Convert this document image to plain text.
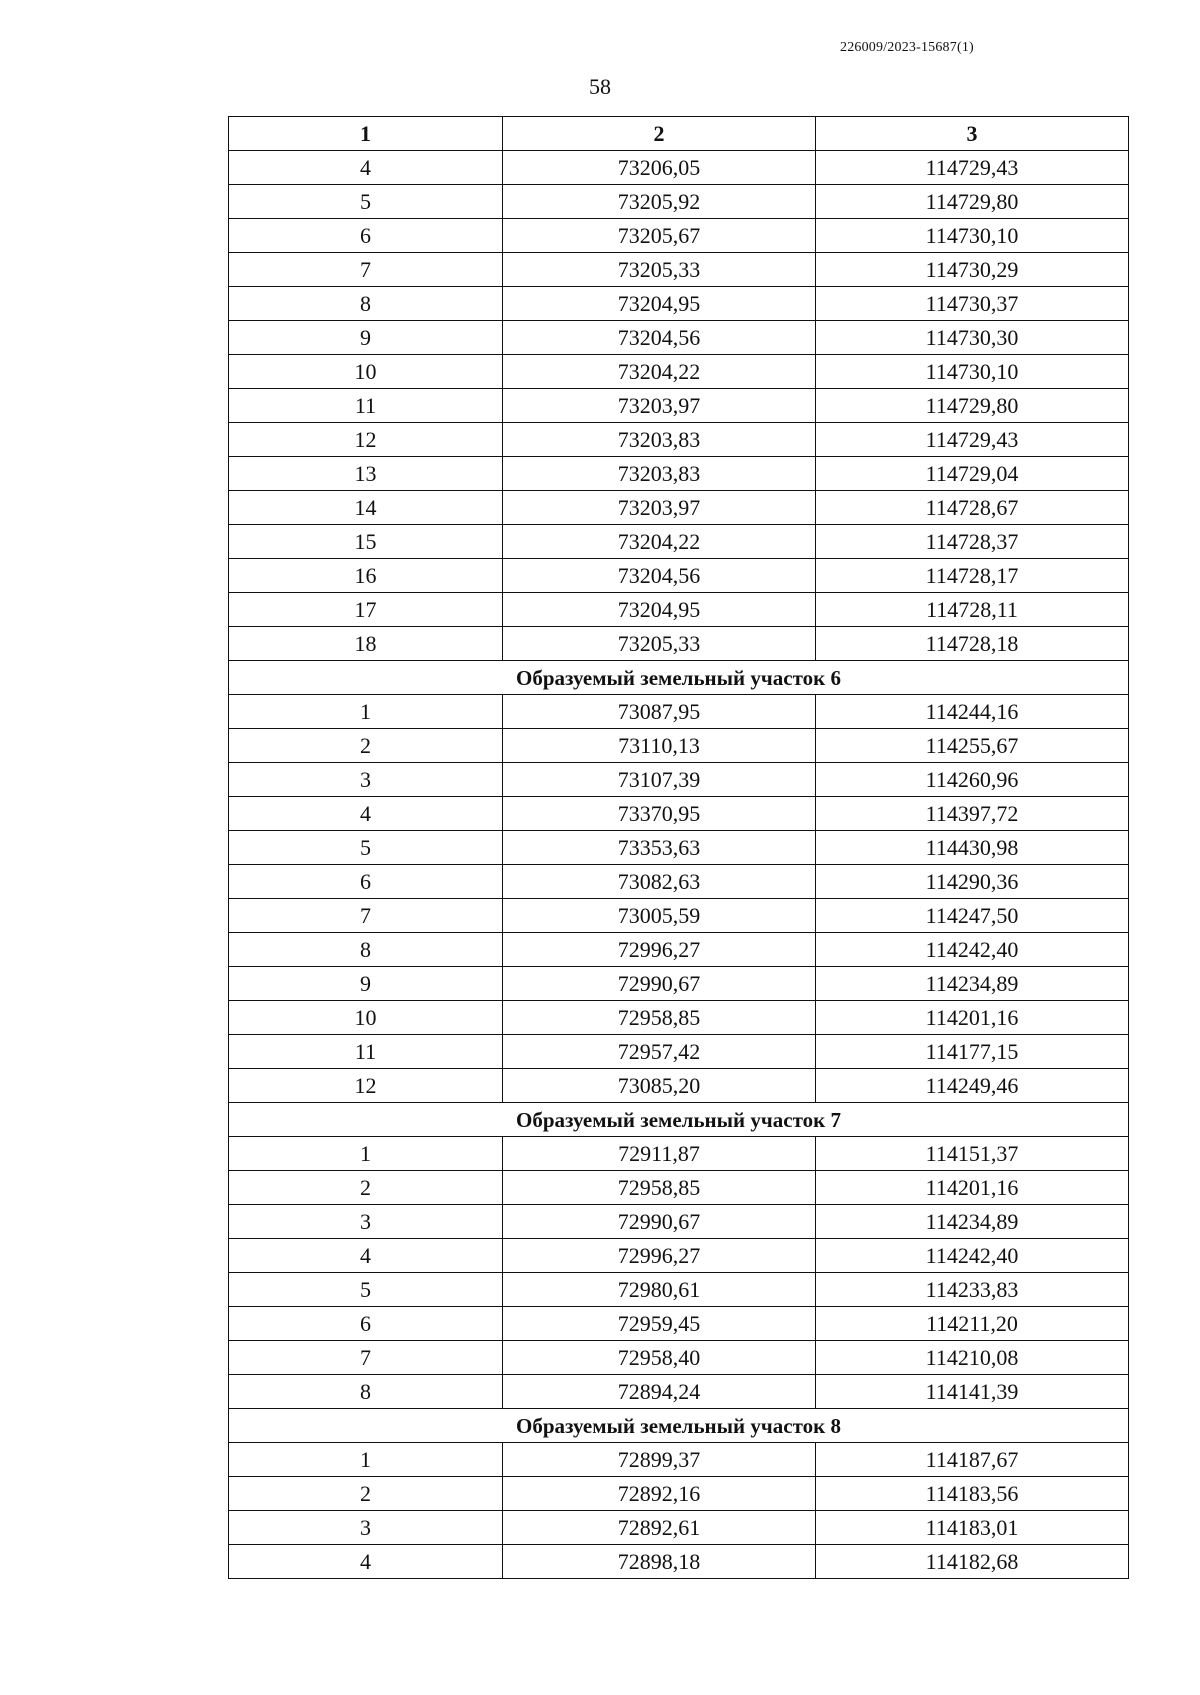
226009/2023-15687(1)
58
1	2	3
4	73206,05	114729,43
5	73205,92	114729,80
6	73205,67	114730,10
7	73205,33	114730,29
8	73204,95	114730,37
9	73204,56	114730,30
10	73204,22	114730,10
11	73203,97	114729,80
12	73203,83	114729,43
13	73203,83	114729,04
14	73203,97	114728,67
15	73204,22	114728,37
16	73204,56	114728,17
17	73204,95	114728,11
18	73205,33	114728,18
Образуемый земельный участок 6		
1	73087,95	114244,16
2	73110,13	114255,67
3	73107,39	114260,96
4	73370,95	114397,72
5	73353,63	114430,98
6	73082,63	114290,36
7	73005,59	114247,50
8	72996,27	114242,40
9	72990,67	114234,89
10	72958,85	114201,16
11	72957,42	114177,15
12	73085,20	114249,46
Образуемый земельный участок 7		
1	72911,87	114151,37
2	72958,85	114201,16
3	72990,67	114234,89
4	72996,27	114242,40
5	72980,61	114233,83
6	72959,45	114211,20
7	72958,40	114210,08
8	72894,24	114141,39
Образуемый земельный участок 8		
1	72899,37	114187,67
2	72892,16	114183,56
3	72892,61	114183,01
4	72898,18	114182,68
